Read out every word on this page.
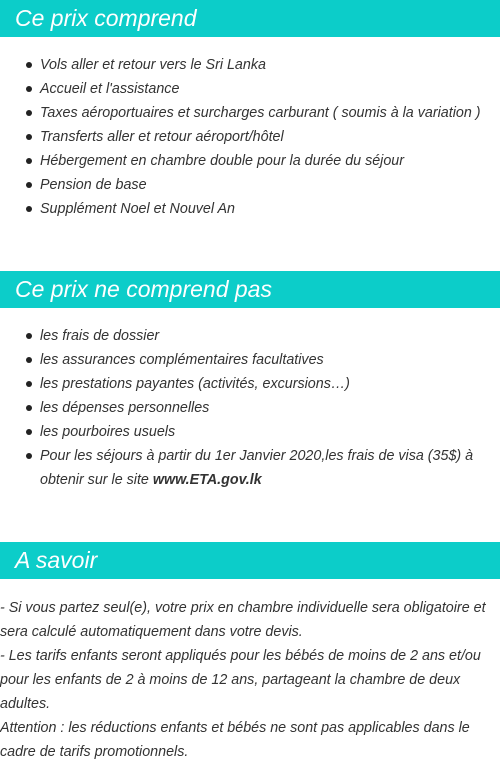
Ce prix comprend
Vols aller et retour vers le Sri Lanka
Accueil et l'assistance
Taxes aéroportuaires et surcharges carburant ( soumis à la variation )
Transferts aller et retour aéroport/hôtel
Hébergement en chambre double pour la durée du séjour
Pension de base
Supplément Noel et Nouvel An
Ce prix ne comprend pas
les frais de dossier
les assurances complémentaires facultatives
les prestations payantes (activités, excursions…)
les dépenses personnelles
les pourboires usuels
Pour les séjours à partir du 1er Janvier 2020,les frais de visa (35$) à obtenir sur le site www.ETA.gov.lk
A savoir

- Si vous partez seul(e), votre prix en chambre individuelle sera obligatoire et sera calculé automatiquement dans votre devis.

- Les tarifs enfants seront appliqués pour les bébés de moins de 2 ans et/ou pour les enfants de 2 à moins de 12 ans, partageant la chambre de deux adultes.

Attention : les réductions enfants et bébés ne sont pas applicables dans le cadre de tarifs promotionnels.
